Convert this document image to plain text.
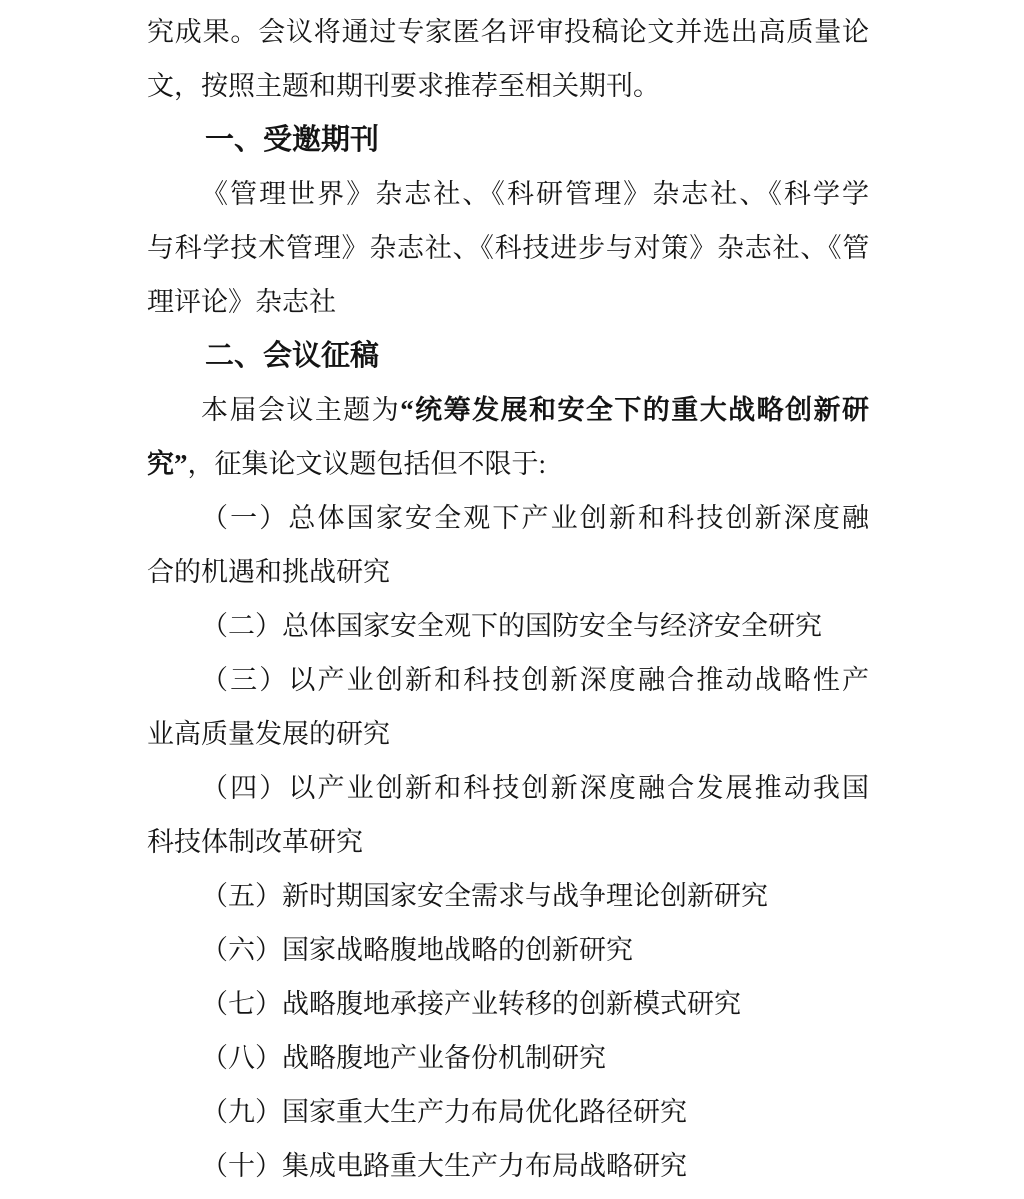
究成果。会议将通过专家匿名评审投稿论文并选出高质量论
文，按照主题和期刊要求推荐至相关期刊。
一、受邀期刊
《管理世界》杂志社、《科研管理》杂志社、《科学学
与科学技术管理》杂志社、《科技进步与对策》杂志社、《管
理评论》杂志社
二、会议征稿
本届会议主题为“统筹发展和安全下的重大战略创新研
究”，征集论文议题包括但不限于:
（一）总体国家安全观下产业创新和科技创新深度融
合的机遇和挑战研究
（二）总体国家安全观下的国防安全与经济安全研究
（三）以产业创新和科技创新深度融合推动战略性产
业高质量发展的研究
（四）以产业创新和科技创新深度融合发展推动我国
科技体制改革研究
（五）新时期国家安全需求与战争理论创新研究
（六）国家战略腹地战略的创新研究
（七）战略腹地承接产业转移的创新模式研究
（八）战略腹地产业备份机制研究
（九）国家重大生产力布局优化路径研究
（十）集成电路重大生产力布局战略研究
